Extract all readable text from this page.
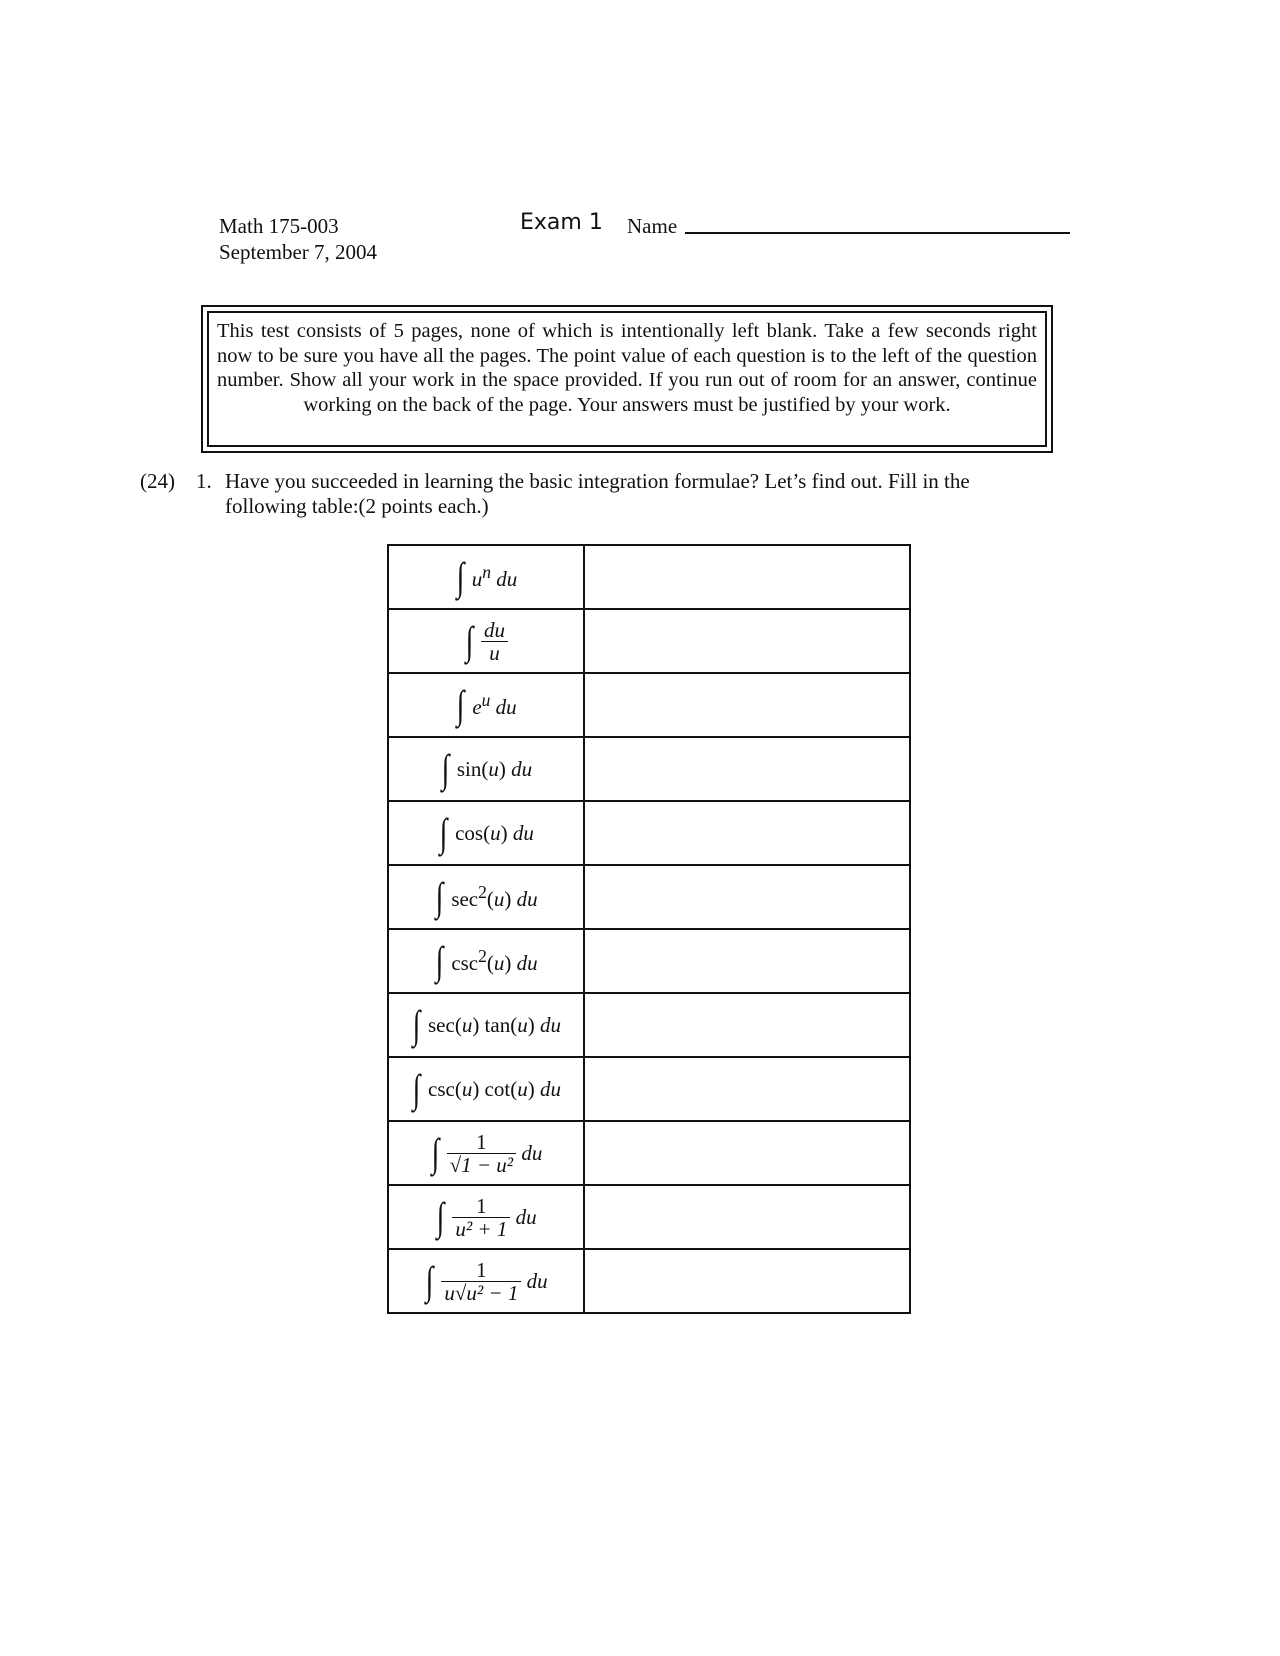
Math 175-003
September 7, 2004
Exam 1 Name
This test consists of 5 pages, none of which is intentionally left blank. Take a few seconds right now to be sure you have all the pages. The point value of each question is to the left of the question number. Show all your work in the space provided. If you run out of room for an answer, continue working on the back of the page. Your answers must be justified by your work.
(24) 1. Have you succeeded in learning the basic integration formulae? Let’s find out. Fill in the
following table:(2 points each.)
∫ $u^n$ du	
∫ $\frac{du}{u}$

∫ $e^u$ du	
∫ sin(u) du	
∫ cos(u) du	
∫ $\sec^2(u)$ du	
∫ $\csc^2(u)$ du	
∫ sec(u) tan(u) du	
∫ csc(u) cot(u) du	
∫ $\frac{1}{\text{√1 − u²}}$ du	
∫ $\frac{1}{\text{u² + 1}}$ du	
∫ $\frac{1}{\text{u√u² − 1}}$ du	
